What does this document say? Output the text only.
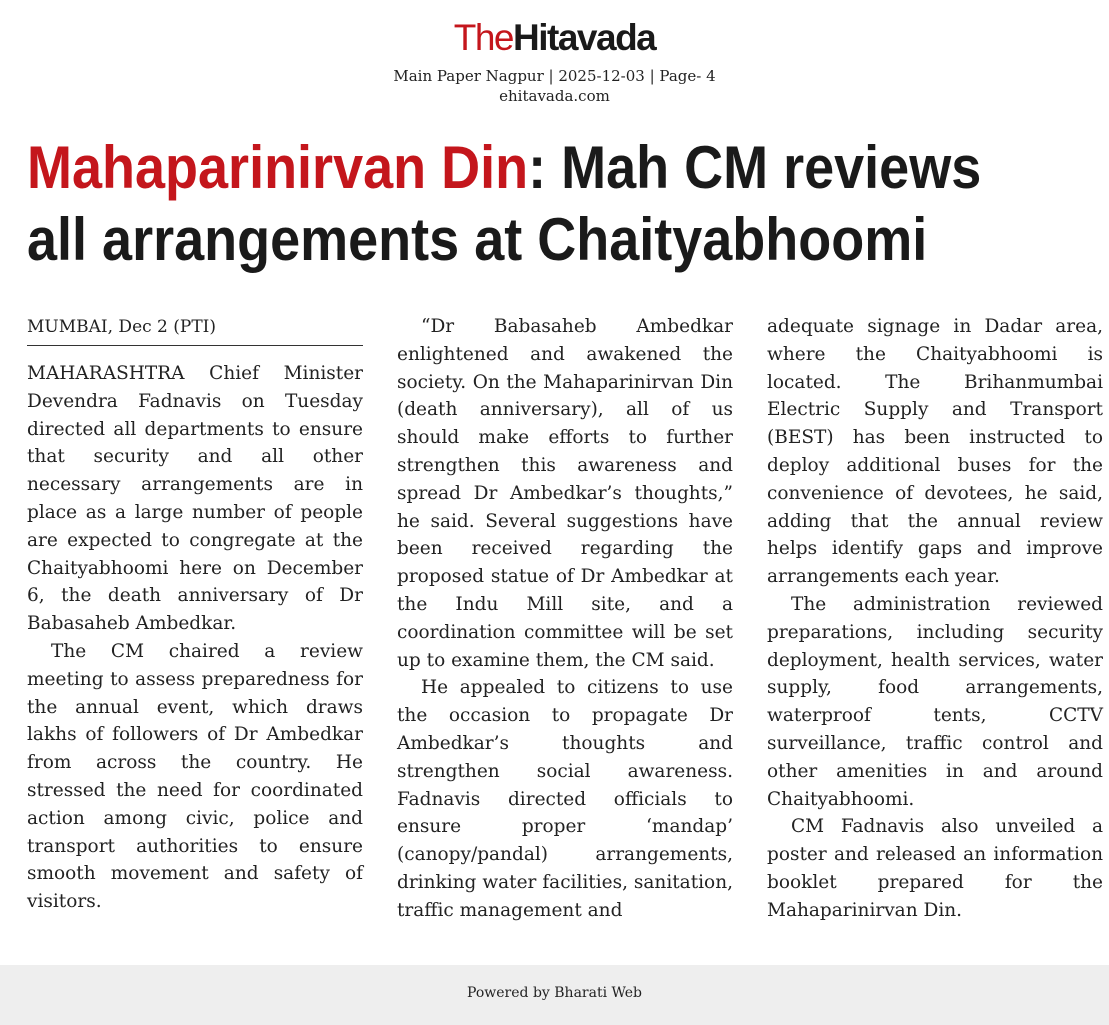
TheHitavada
Main Paper Nagpur | 2025-12-03 | Page- 4
ehitavada.com
Mahaparinirvan Din: Mah CM reviews
all arrangements at Chaityabhoomi

MUMBAI, Dec 2 (PTI)

MAHARASHTRA Chief Minister Devendra Fadnavis on Tuesday directed all departments to ensure that security and all other necessary arrangements are in place as a large number of people are expected to congregate at the Chaityabhoomi here on December 6, the death anniversary of Dr Babasaheb Ambedkar.

The CM chaired a review meeting to assess preparedness for the annual event, which draws lakhs of followers of Dr Ambedkar from across the country. He stressed the need for coordinated action among civic, police and transport authorities to ensure smooth movement and safety of visitors.

“Dr Babasaheb Ambedkar enlightened and awakened the society. On the Mahaparinirvan Din (death anniversary), all of us should make efforts to further strengthen this awareness and spread Dr Ambedkar’s thoughts,” he said. Several suggestions have been received regarding the proposed statue of Dr Ambedkar at the Indu Mill site, and a coordination committee will be set up to examine them, the CM said.

He appealed to citizens to use the occasion to propagate Dr Ambedkar’s thoughts and strengthen social awareness. Fadnavis directed officials to ensure proper ‘mandap’ (canopy/pandal) arrangements, drinking water facilities, sanitation, traffic management and

adequate signage in Dadar area, where the Chaityabhoomi is located. The Brihanmumbai Electric Supply and Transport (BEST) has been instructed to deploy additional buses for the convenience of devotees, he said, adding that the annual review helps identify gaps and improve arrangements each year.

The administration reviewed preparations, including security deployment, health services, water supply, food arrangements, waterproof tents, CCTV surveillance, traffic control and other amenities in and around Chaityabhoomi.

CM Fadnavis also unveiled a poster and released an information booklet prepared for the Mahaparinirvan Din.

Powered by Bharati Web
